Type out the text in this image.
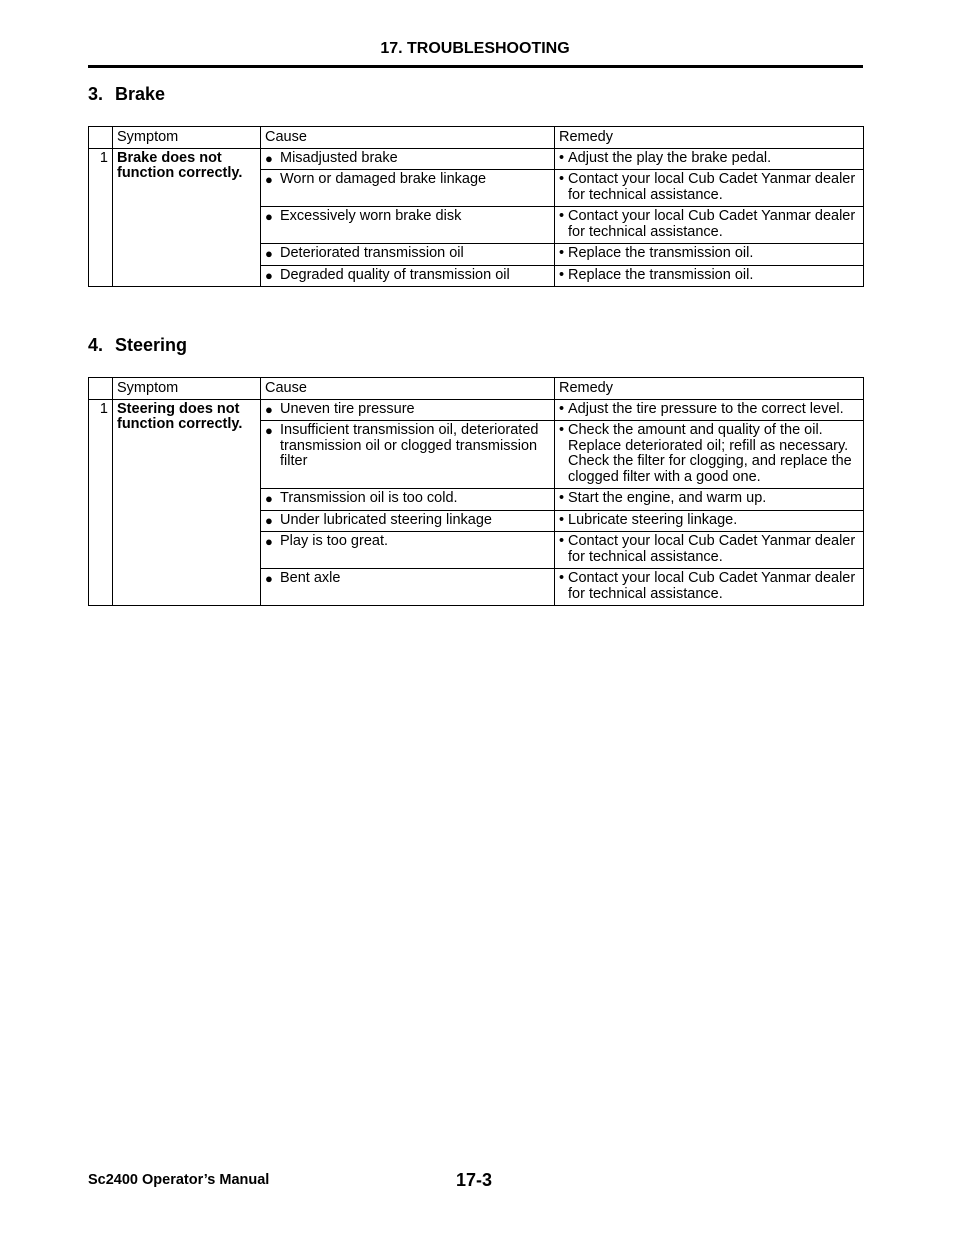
17. TROUBLESHOOTING
3. Brake
	Symptom	Cause	Remedy
1	Brake does not function correctly.	● Misadjusted brake	• Adjust the play the brake pedal.

		● Worn or damaged brake linkage	• Contact your local Cub Cadet Yanmar dealer for technical assistance.

		● Excessively worn brake disk	• Contact your local Cub Cadet Yanmar dealer for technical assistance.

		● Deteriorated transmission oil	• Replace the transmission oil.

		● Degraded quality of transmission oil	• Replace the transmission oil.
4. Steering
	Symptom	Cause	Remedy
1	Steering does not function correctly.	● Uneven tire pressure	• Adjust the tire pressure to the correct level.

		● Insufficient transmission oil, deteriorated transmission oil or clogged transmission filter	• Check the amount and quality of the oil. Replace deteriorated oil; refill as necessary. Check the filter for clogging, and replace the clogged filter with a good one.

		● Transmission oil is too cold.	• Start the engine, and warm up.

		● Under lubricated steering linkage	• Lubricate steering linkage.

		● Play is too great.	• Contact your local Cub Cadet Yanmar dealer for technical assistance.

		● Bent axle	• Contact your local Cub Cadet Yanmar dealer for technical assistance.
Sc2400 Operator’s Manual	17-3
